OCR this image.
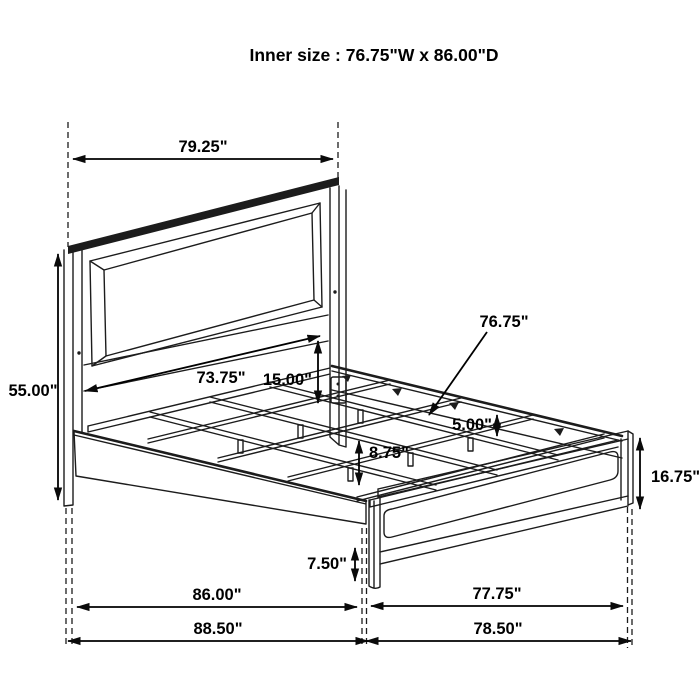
Inner size : 76.75"W x 86.00"D
79.25"
55.00"
73.75" 15.00"
76.75"
5.00"
8.75"
16.75"
7.50"
86.00"	77.75"
88.50"	78.50"
